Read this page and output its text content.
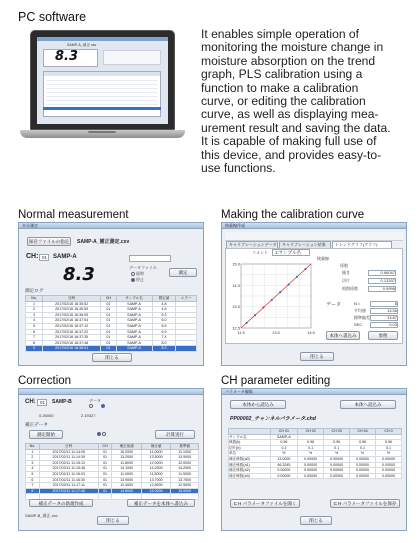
PC software
Normal measurement	Making the calibration curve
Correction	CH parameter editing
It enables simple operation of
monitoring the moisture change in
moisture absorption on the trend
graph, PLS calibration using a
function to make a calibration
curve, or editing the calibration
curve, as well as displaying mea-
urement result and saving the data.
It is capable of making full use of
this device, and provides easy-to-
use functions.
SAMP-A_補正.csv
8.3
水分測定
保存ファイルの指定	SAMP-A_補正測定.csv
CH: 01 SAMP-A
8.3	データファイル
経時
停止
測定
測定ログ
No.	日時	CH	サンプル名	測定値	エラー
1	2017/02/16 16:35:52	01	SAMP-A	4.8	
2	2017/02/16 16:35:59	01	SAMP-A	4.8	
3	2017/02/16 16:36:05	01	SAMP-A	5.3	
4	2017/02/16 16:37:04	01	SAMP-A	6.0	
5	2017/02/16 16:37:12	01	SAMP-A	6.5	
6	2017/02/16 16:37:22	01	SAMP-A	6.9	
7	2017/02/16 16:37:35	01	SAMP-A	7.4	
8	2017/02/16 16:37:48	01	SAMP-A	8.0	
9	2017/02/16 16:38:01	01	SAMP-A	8.3	
閉じる
検量線作成
キャリブレーションデータ	キャリブレーション結果	トレンドグラフ(グラフ)
コメント	1:サンプル名
検量線
12.5
13.0
14.0
15.0
11.9	13.0	14.0
係数
傾き	0.96047
切片	0.13337
相関係数	0.9996
データ	N =	8
平均値	13.56
標準偏差	13.87
SEC	0.03
本体へ書込み	参照
閉じる
CH: 01	SAMP-B	データ
0.26000	2.19327
補正データ
測定開始	計算実行
No.	日時	CH	補正前値	補正値	基準値
1	2017/02/11 11:14:05	01	10.2000	11.0000	11.1000
2	2017/02/11 11:14:39	01	13.2000	13.5000	13.5000
3	2017/02/11 11:15:12	01	11.8000	12.0000	12.0000
4	2017/02/11 11:15:48	01	14.1000	14.2000	14.2000
5	2017/02/11 11:16:03	01	11.0000	11.5000	11.5000
6	2017/02/11 11:16:30	01	13.9000	13.7000	13.7000
7	2017/02/11 11:17:11	01	12.4000	12.5000	12.5000
8	2017/02/11 11:17:45	01	14.8000	15.0000	15.0000

補正データの新規作成	補正データを本体へ書込み
SAMP-B_補正.csv
閉じる
パラメータ編集
本体から読込み	本体へ読込み
PP00002_チャンネルパラメータ.chd
	CH 01	CH 02	CH 03	CH 04	CH 0
サンプル名	SAMP-A				
係数(k)	0.96	0.96	0.96	0.96	0.96
切片(b)	0.1	0.1	0.1	0.1	0.1
単位	%	%	%	%	%
補正係数(a0)	13.0000	0.00000	0.00000	0.00000	0.00000
補正係数(a1)	46.3245	0.00000	0.00000	0.00000	0.00000
補正係数(a2)	0.00000	0.00000	0.00000	0.00000	0.00000
補正係数(a3)	0.00000	0.00000	0.00000	0.00000	0.00000
C H パラメータファイルを開く	C H パラメータファイルを保存
閉じる
